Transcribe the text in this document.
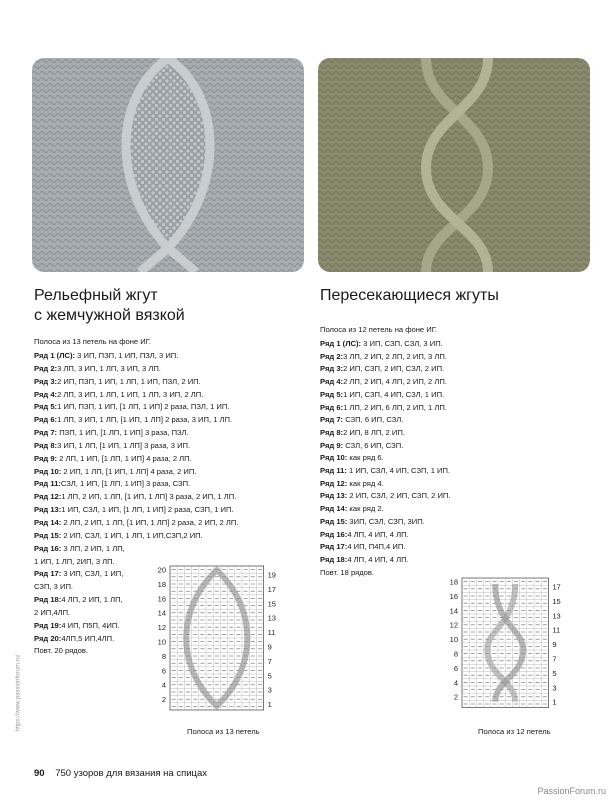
Рельефный жгут
с жемчужной вязкой
Полоса из 13 петель на фоне ИГ.
Ряд 1 (ЛС): 3 ИП, ПЗП, 1 ИП, ПЗЛ, 3 ИП.
Ряд 2:3 ЛП, 3 ИП, 1 ЛП, 3 ИП, 3 ЛП.
Ряд 3:2 ИП, ПЗП, 1 ИП, 1 ЛП, 1 ИП, ПЗЛ, 2 ИП.
Ряд 4:2 ЛП, 3 ИП, 1 ЛП, 1 ИП, 1 ЛП, 3 ИП, 2 ЛП.
Ряд 5:1 ИП, ПЗП, 1 ИП, [1 ЛП, 1 ИП] 2 раза, ПЗЛ, 1 ИП.
Ряд 6:1 ЛП, 3 ИП, 1 ЛП, [1 ИП, 1 ЛП] 2 раза, 3 ИП, 1 ЛП.
Ряд 7: ПЗП, 1 ИП, [1 ЛП, 1 ИП] 3 раза, ПЗЛ.
Ряд 8:3 ИП, 1 ЛП, [1 ИП, 1 ЛП] 3 раза, 3 ИП.
Ряд 9: 2 ЛП, 1 ИП, [1 ЛП, 1 ИП] 4 раза, 2 ЛП.
Ряд 10: 2 ИП, 1 ЛП, [1 ИП, 1 ЛП] 4 раза, 2 ИП.
Ряд 11:СЗЛ, 1 ИП, [1 ЛП, 1 ИП] 3 раза, СЗП.
Ряд 12:1 ЛП, 2 ИП, 1 ЛП, [1 ИП, 1 ЛП] 3 раза, 2 ИП, 1 ЛП.
Ряд 13:1 ИП, СЗЛ, 1 ИП, [1 ЛП, 1 ИП] 2 раза, СЗП, 1 ИП.
Ряд 14: 2 ЛП, 2 ИП, 1 ЛП, [1 ИП, 1 ЛП] 2 раза, 2 ИП, 2 ЛП.
Ряд 15: 2 ИП, СЗЛ, 1 ИП, 1 ЛП, 1 ИП,СЗП,2 ИП.
Ряд 16: 3 ЛП, 2 ИП, 1 ЛП,
1 ИП, 1 ЛП, 2ИП, 3 ЛП.
Ряд 17: 3 ИП, СЗЛ, 1 ИП,
СЗП, 3 ИП.
Ряд 18:4 ЛП, 2 ИП, 1 ЛП,
2 ИП,4ЛП.
Ряд 19:4 ИП, П5П, 4ИП.
Ряд 20:4ЛП,5 ИП,4ЛП.
Повт. 20 рядов.
Пересекающиеся жгуты
Полоса из 12 петель на фоне ИГ.
Ряд 1 (ЛС): 3 ИП, СЗП, СЗЛ, 3 ИП.
Ряд 2:3 ЛП, 2 ИП, 2 ЛП, 2 ИП, 3 ЛП.
Ряд 3:2 ИП, СЗП, 2 ИП, СЗЛ, 2 ИП.
Ряд 4:2 ЛП, 2 ИП, 4 ЛП, 2 ИП, 2 ЛП.
Ряд 5:1 ИП, СЗП, 4 ИП, СЗЛ, 1 ИП.
Ряд 6:1 ЛП, 2 ИП, 6 ЛП, 2 ИП, 1 ЛП.
Ряд 7: СЗП, 6 ИП, СЗЛ.
Ряд 8:2 ИП, 8 ЛП, 2 ИП.
Ряд 9: СЗЛ, 6 ИП, СЗП.
Ряд 10: как ряд 6.
Ряд 11: 1 ИП, СЗЛ, 4 ИП, СЗП, 1 ИП.
Ряд 12: как ряд 4.
Ряд 13: 2 ИП, СЗЛ, 2 ИП, СЗП, 2 ИП.
Ряд 14: как ряд 2.
Ряд 15: 3ИП, СЗЛ, СЗП, 3ИП.
Ряд 16:4 ЛП, 4 ИП, 4 ЛП.
Ряд 17:4 ИП, П4П,4 ИП.
Ряд 18:4 ЛП, 4 ИП, 4 ЛП.
Повт. 18 рядов.
20
18
16
14
12
10
8
6
4
2
19
17
15
13
11
9
7
5
3
1
Полоса из 13 петель
18
16
14
12
10
8
6
4
2
17
15
13
11
9
7
5
3
1
Полоса из 12 петель
90 750 узоров для вязания на спицах
PassionForum.ru
https://www.passionforum.ru/
